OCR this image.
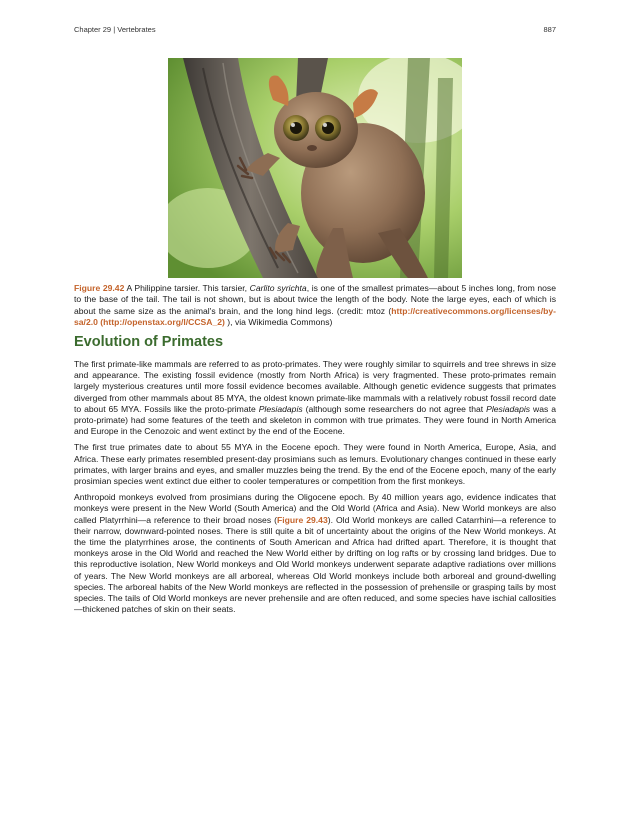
Chapter 29 | Vertebrates	887
Figure 29.42 A Philippine tarsier. This tarsier, Carlito syrichta, is one of the smallest primates—about 5 inches long, from nose to the base of the tail. The tail is not shown, but is about twice the length of the body. Note the large eyes, each of which is about the same size as the animal's brain, and the long hind legs. (credit: mtoz (http://creativecommons.org/licenses/by-sa/2.0 (http://openstax.org/l/CCSA_2) ), via Wikimedia Commons)
Evolution of Primates

The first primate-like mammals are referred to as proto-primates. They were roughly similar to squirrels and tree shrews in size and appearance. The existing fossil evidence (mostly from North Africa) is very fragmented. These proto-primates remain largely mysterious creatures until more fossil evidence becomes available. Although genetic evidence suggests that primates diverged from other mammals about 85 MYA, the oldest known primate-like mammals with a relatively robust fossil record date to about 65 MYA. Fossils like the proto-primate Plesiadapis (although some researchers do not agree that Plesiadapis was a proto-primate) had some features of the teeth and skeleton in common with true primates. They were found in North America and Europe in the Cenozoic and went extinct by the end of the Eocene.

The first true primates date to about 55 MYA in the Eocene epoch. They were found in North America, Europe, Asia, and Africa. These early primates resembled present-day prosimians such as lemurs. Evolutionary changes continued in these early primates, with larger brains and eyes, and smaller muzzles being the trend. By the end of the Eocene epoch, many of the early prosimian species went extinct due either to cooler temperatures or competition from the first monkeys.

Anthropoid monkeys evolved from prosimians during the Oligocene epoch. By 40 million years ago, evidence indicates that monkeys were present in the New World (South America) and the Old World (Africa and Asia). New World monkeys are also called Platyrrhini—a reference to their broad noses (Figure 29.43). Old World monkeys are called Catarrhini—a reference to their narrow, downward-pointed noses. There is still quite a bit of uncertainty about the origins of the New World monkeys. At the time the platyrrhines arose, the continents of South American and Africa had drifted apart. Therefore, it is thought that monkeys arose in the Old World and reached the New World either by drifting on log rafts or by crossing land bridges. Due to this reproductive isolation, New World monkeys and Old World monkeys underwent separate adaptive radiations over millions of years. The New World monkeys are all arboreal, whereas Old World monkeys include both arboreal and ground-dwelling species. The arboreal habits of the New World monkeys are reflected in the possession of prehensile or grasping tails by most species. The tails of Old World monkeys are never prehensile and are often reduced, and some species have ischial callosities—thickened patches of skin on their seats.
